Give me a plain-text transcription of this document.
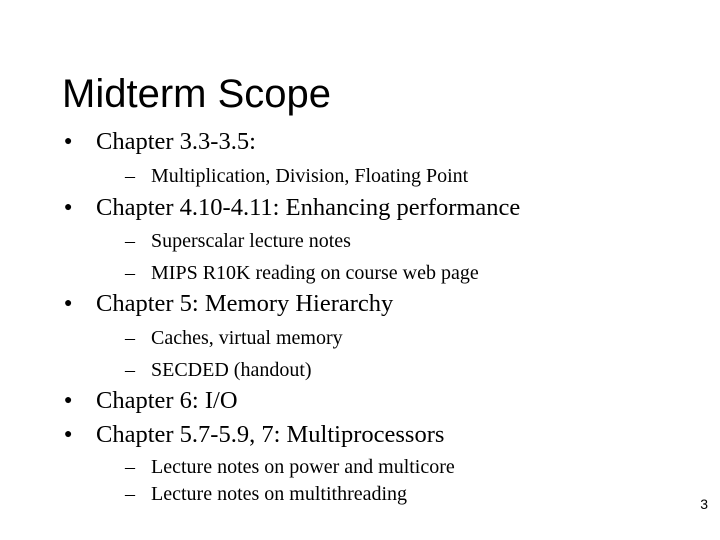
Midterm Scope
● Chapter 3.3-3.5:
– Multiplication, Division, Floating Point
● Chapter 4.10-4.11: Enhancing performance
– Superscalar lecture notes
– MIPS R10K reading on course web page
● Chapter 5: Memory Hierarchy
– Caches, virtual memory
– SECDED (handout)
● Chapter 6: I/O
● Chapter 5.7-5.9, 7: Multiprocessors
– Lecture notes on power and multicore
– Lecture notes on multithreading	3
